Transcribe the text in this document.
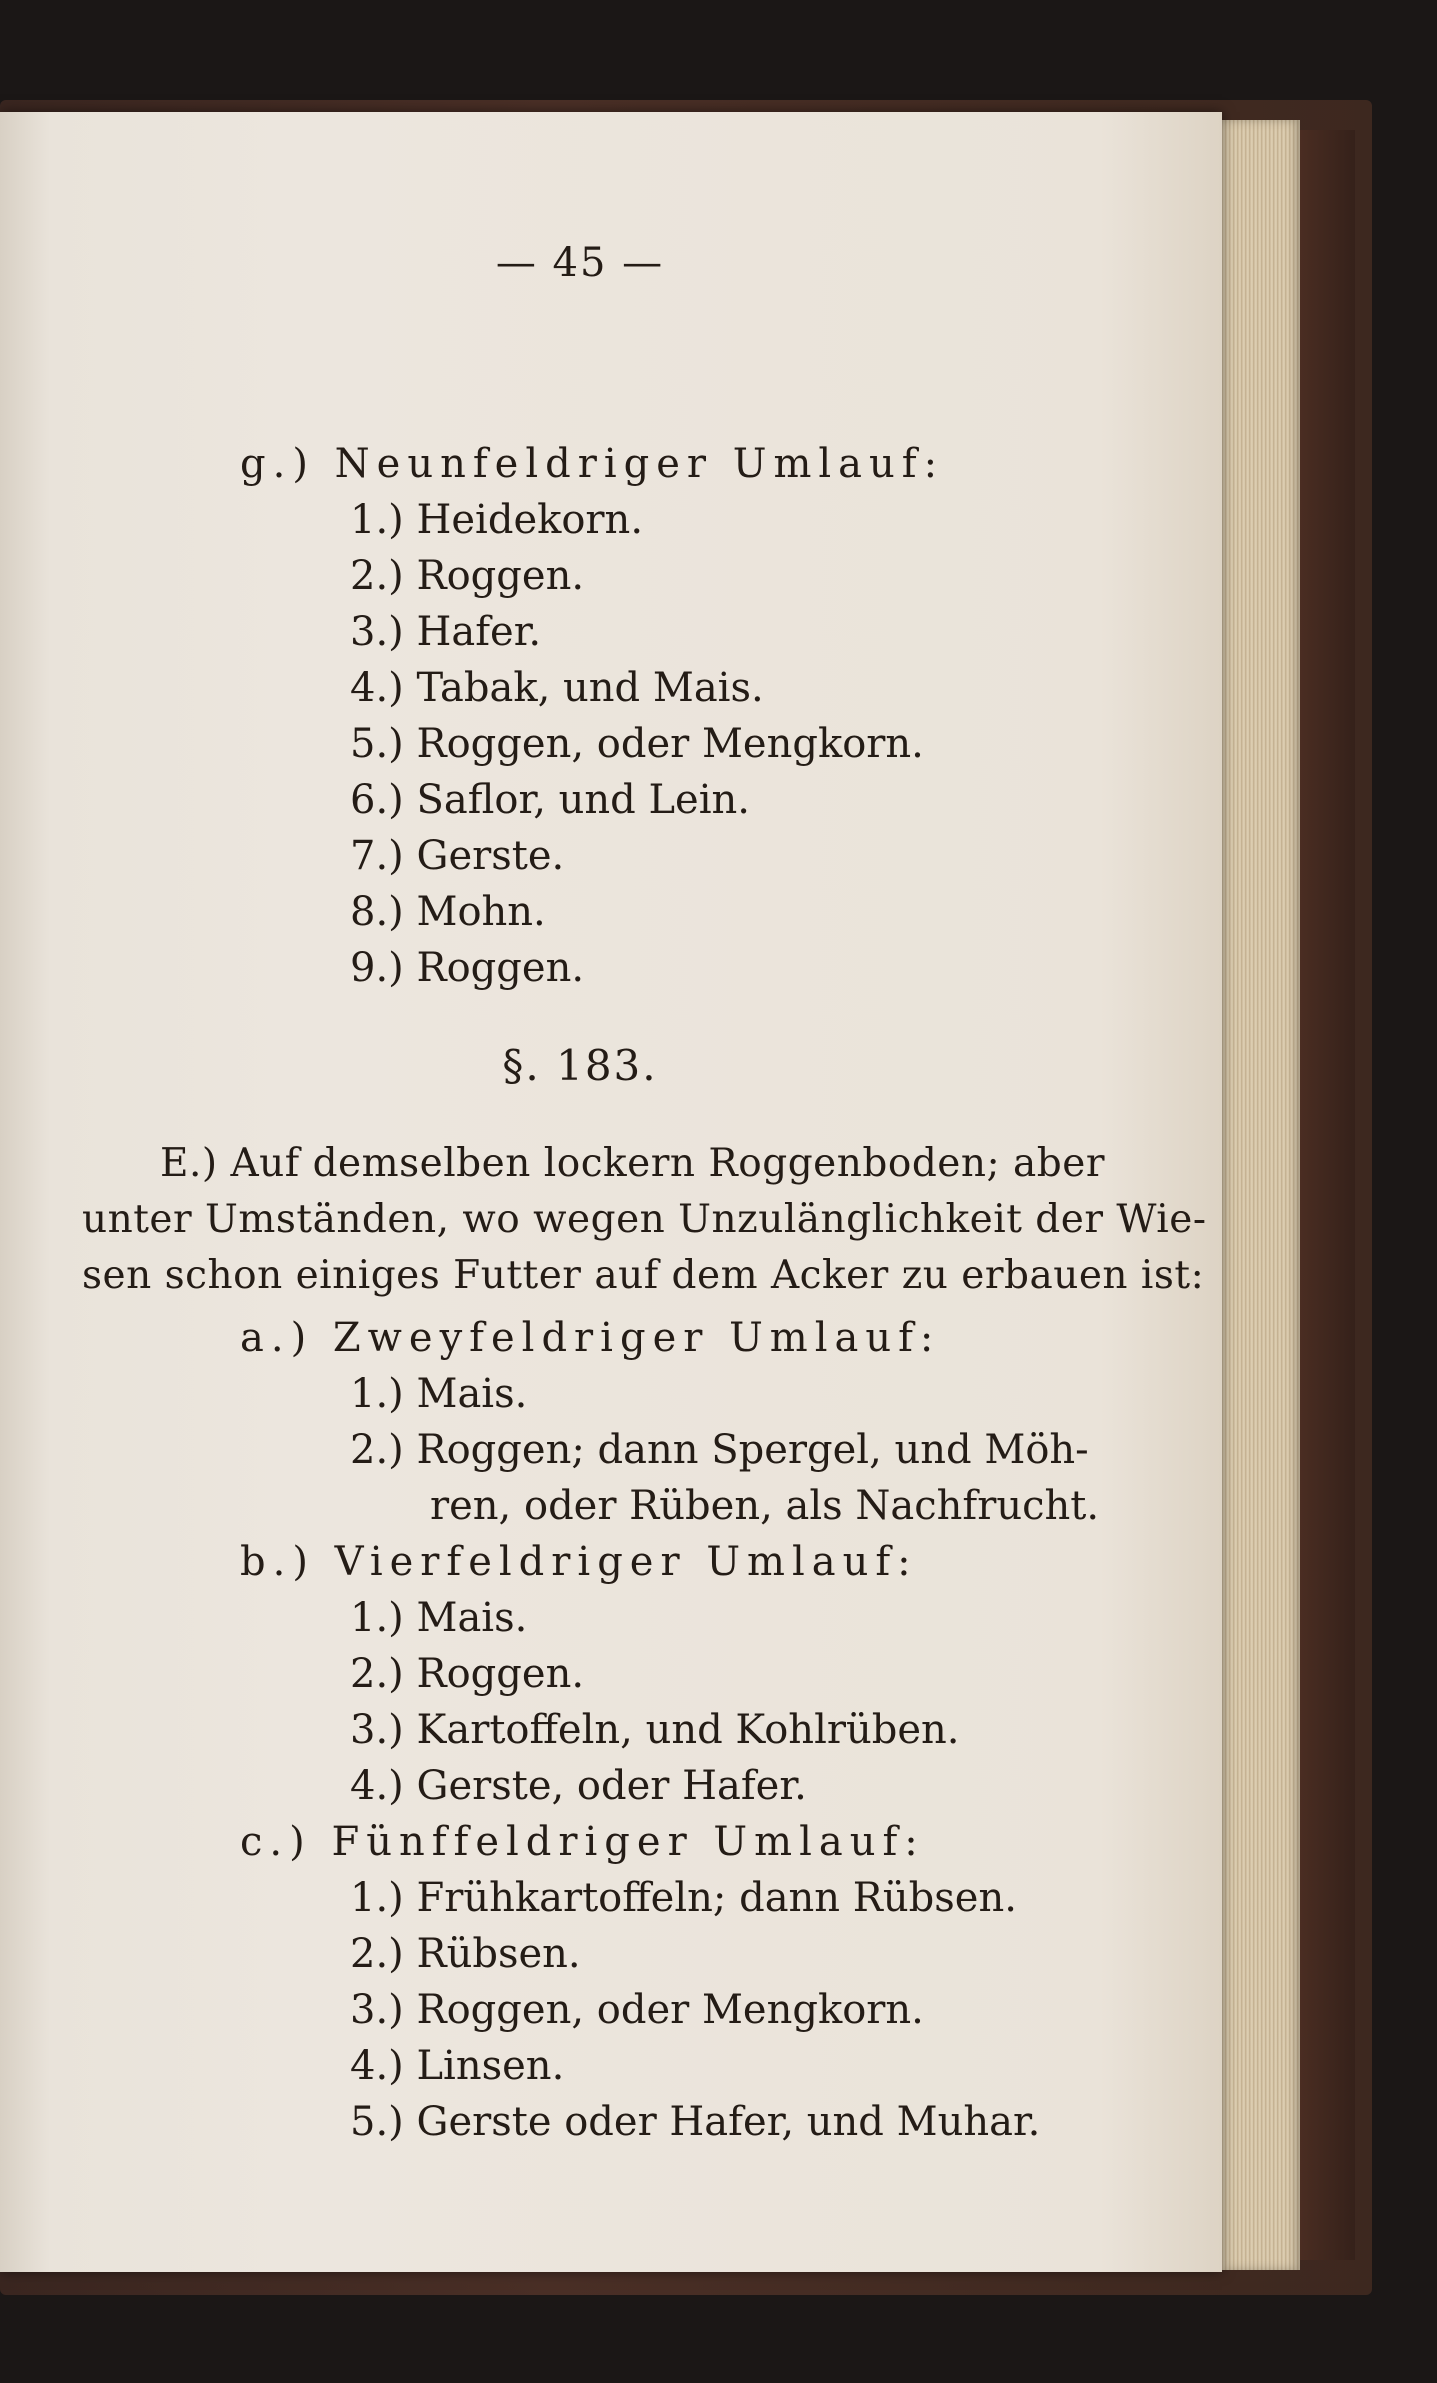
— 45 —
g.) Neunfeldriger Umlauf:
1.) Heidekorn.
2.) Roggen.
3.) Hafer.
4.) Tabak, und Mais.
5.) Roggen, oder Mengkorn.
6.) Saflor, und Lein.
7.) Gerste.
8.) Mohn.
9.) Roggen.
§. 183.
E.) Auf demselben lockern Roggenboden; aber
unter Umständen, wo wegen Unzulänglichkeit der Wie-
sen schon einiges Futter auf dem Acker zu erbauen ist:
a.) Zweyfeldriger Umlauf:
1.) Mais.
2.) Roggen; dann Spergel, und Möh-
ren, oder Rüben, als Nachfrucht.
b.) Vierfeldriger Umlauf:
1.) Mais.
2.) Roggen.
3.) Kartoffeln, und Kohlrüben.
4.) Gerste, oder Hafer.
c.) Fünffeldriger Umlauf:
1.) Frühkartoffeln; dann Rübsen.
2.) Rübsen.
3.) Roggen, oder Mengkorn.
4.) Linsen.
5.) Gerste oder Hafer, und Muhar.
